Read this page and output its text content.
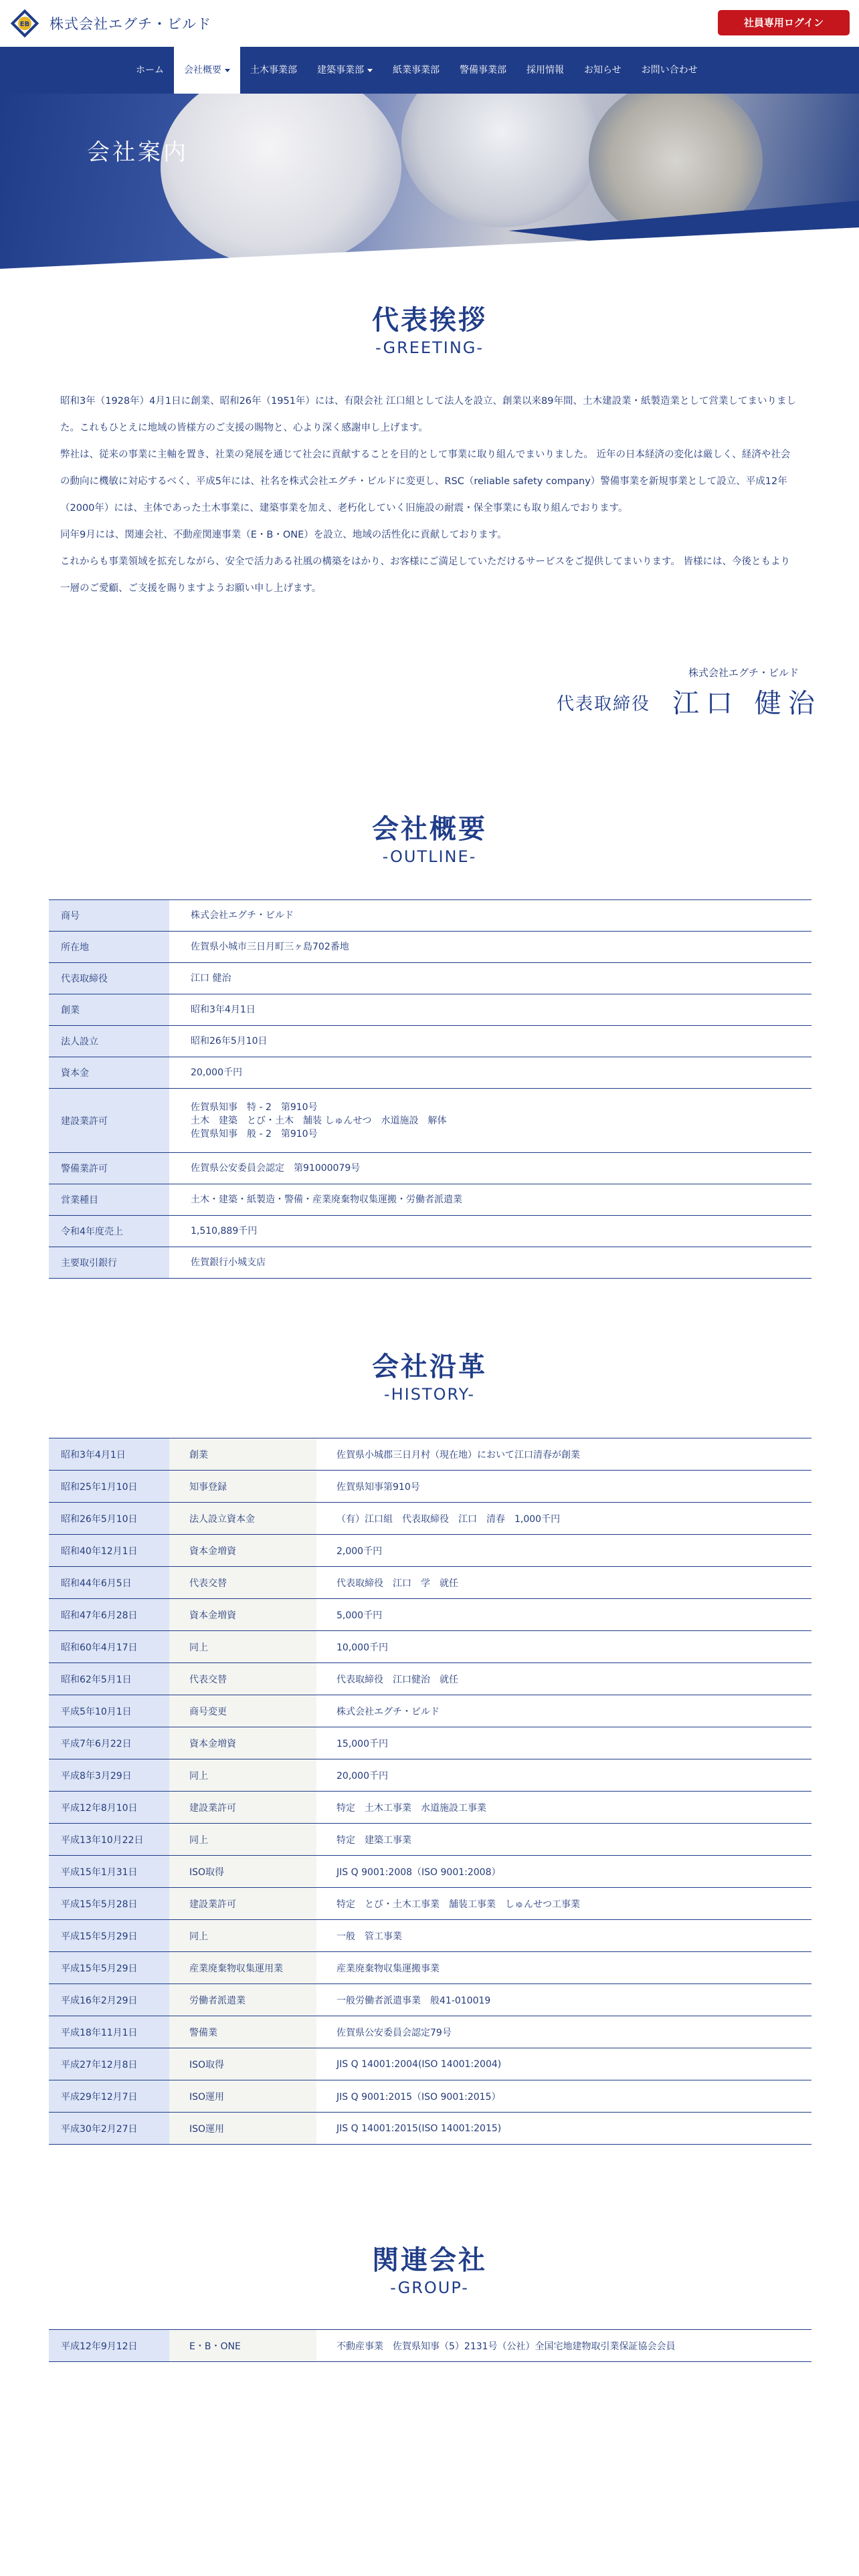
EB 株式会社エグチ・ビルド	社員専用ログイン
ホーム	会社概要	土木事業部	建築事業部	紙業事業部	警備事業部	採用情報	お知らせ	お問い合わせ
会社案内
代表挨拶
-GREETING-

昭和3年（1928年）4月1日に創業、昭和26年（1951年）には、有限会社 江口組として法人を設立、創業以来89年間、土木建設業・紙製造業として営業してまいりました。これもひとえに地域の皆様方のご支援の賜物と、心より深く感謝申し上げます。

弊社は、従来の事業に主軸を置き、社業の発展を通じて社会に貢献することを目的として事業に取り組んでまいりました。 近年の日本経済の変化は厳しく、経済や社会の動向に機敏に対応するべく、平成5年には、社名を株式会社エグチ・ビルドに変更し、RSC（reliable safety company）警備事業を新規事業として設立、平成12年（2000年）には、主体であった土木事業に、建築事業を加え、老朽化していく旧施設の耐震・保全事業にも取り組んでおります。

同年9月には、関連会社、不動産関連事業（E・B・ONE）を設立、地域の活性化に貢献しております。

これからも事業領域を拡充しながら、安全で活力ある社風の構築をはかり、お客様にご満足していただけるサービスをご提供してまいります。 皆様には、今後ともより一層のご愛顧、ご支援を賜りますようお願い申し上げます。

株式会社エグチ・ビルド
代表取締役 江口 健治
会社概要
-OUTLINE-
商号	株式会社エグチ・ビルド

所在地	佐賀県小城市三日月町三ヶ島702番地

代表取締役	江口 健治

創業	昭和3年4月1日

法人設立	昭和26年5月10日

資本金	20,000千円

建設業許可	佐賀県知事　特 - 2　第910号
土木　建築　とび・土木　舗装 しゅんせつ　水道施設　解体
佐賀県知事　般 - 2　第910号

警備業許可	佐賀県公安委員会認定　第91000079号

営業種目	土木・建築・紙製造・警備・産業廃棄物収集運搬・労働者派遣業

令和4年度売上	1,510,889千円

主要取引銀行	佐賀銀行小城支店
会社沿革
-HISTORY-
昭和3年4月1日	創業	佐賀県小城郡三日月村（現在地）において江口清春が創業
昭和25年1月10日	知事登録	佐賀県知事第910号
昭和26年5月10日	法人設立資本金	（有）江口組　代表取締役　江口　清春　1,000千円
昭和40年12月1日	資本金増資	2,000千円
昭和44年6月5日	代表交替	代表取締役　江口　学　就任
昭和47年6月28日	資本金増資	5,000千円
昭和60年4月17日	同上	10,000千円
昭和62年5月1日	代表交替	代表取締役　江口健治　就任
平成5年10月1日	商号変更	株式会社エグチ・ビルド
平成7年6月22日	資本金増資	15,000千円
平成8年3月29日	同上	20,000千円
平成12年8月10日	建設業許可	特定　土木工事業　水道施設工事業
平成13年10月22日	同上	特定　建築工事業
平成15年1月31日	ISO取得	JIS Q 9001:2008（ISO 9001:2008）
平成15年5月28日	建設業許可	特定　とび・土木工事業　舗装工事業　しゅんせつ工事業
平成15年5月29日	同上	一般　管工事業
平成15年5月29日	産業廃棄物収集運用業	産業廃棄物収集運搬事業
平成16年2月29日	労働者派遣業	一般労働者派遣事業　般41-010019
平成18年11月1日	警備業	佐賀県公安委員会認定79号
平成27年12月8日	ISO取得	JIS Q 14001:2004(ISO 14001:2004)
平成29年12月7日	ISO運用	JIS Q 9001:2015（ISO 9001:2015）
平成30年2月27日	ISO運用	JIS Q 14001:2015(ISO 14001:2015)
関連会社
-GROUP-
平成12年9月12日	E・B・ONE	不動産事業　佐賀県知事（5）2131号（公社）全国宅地建物取引業保証協会会員
